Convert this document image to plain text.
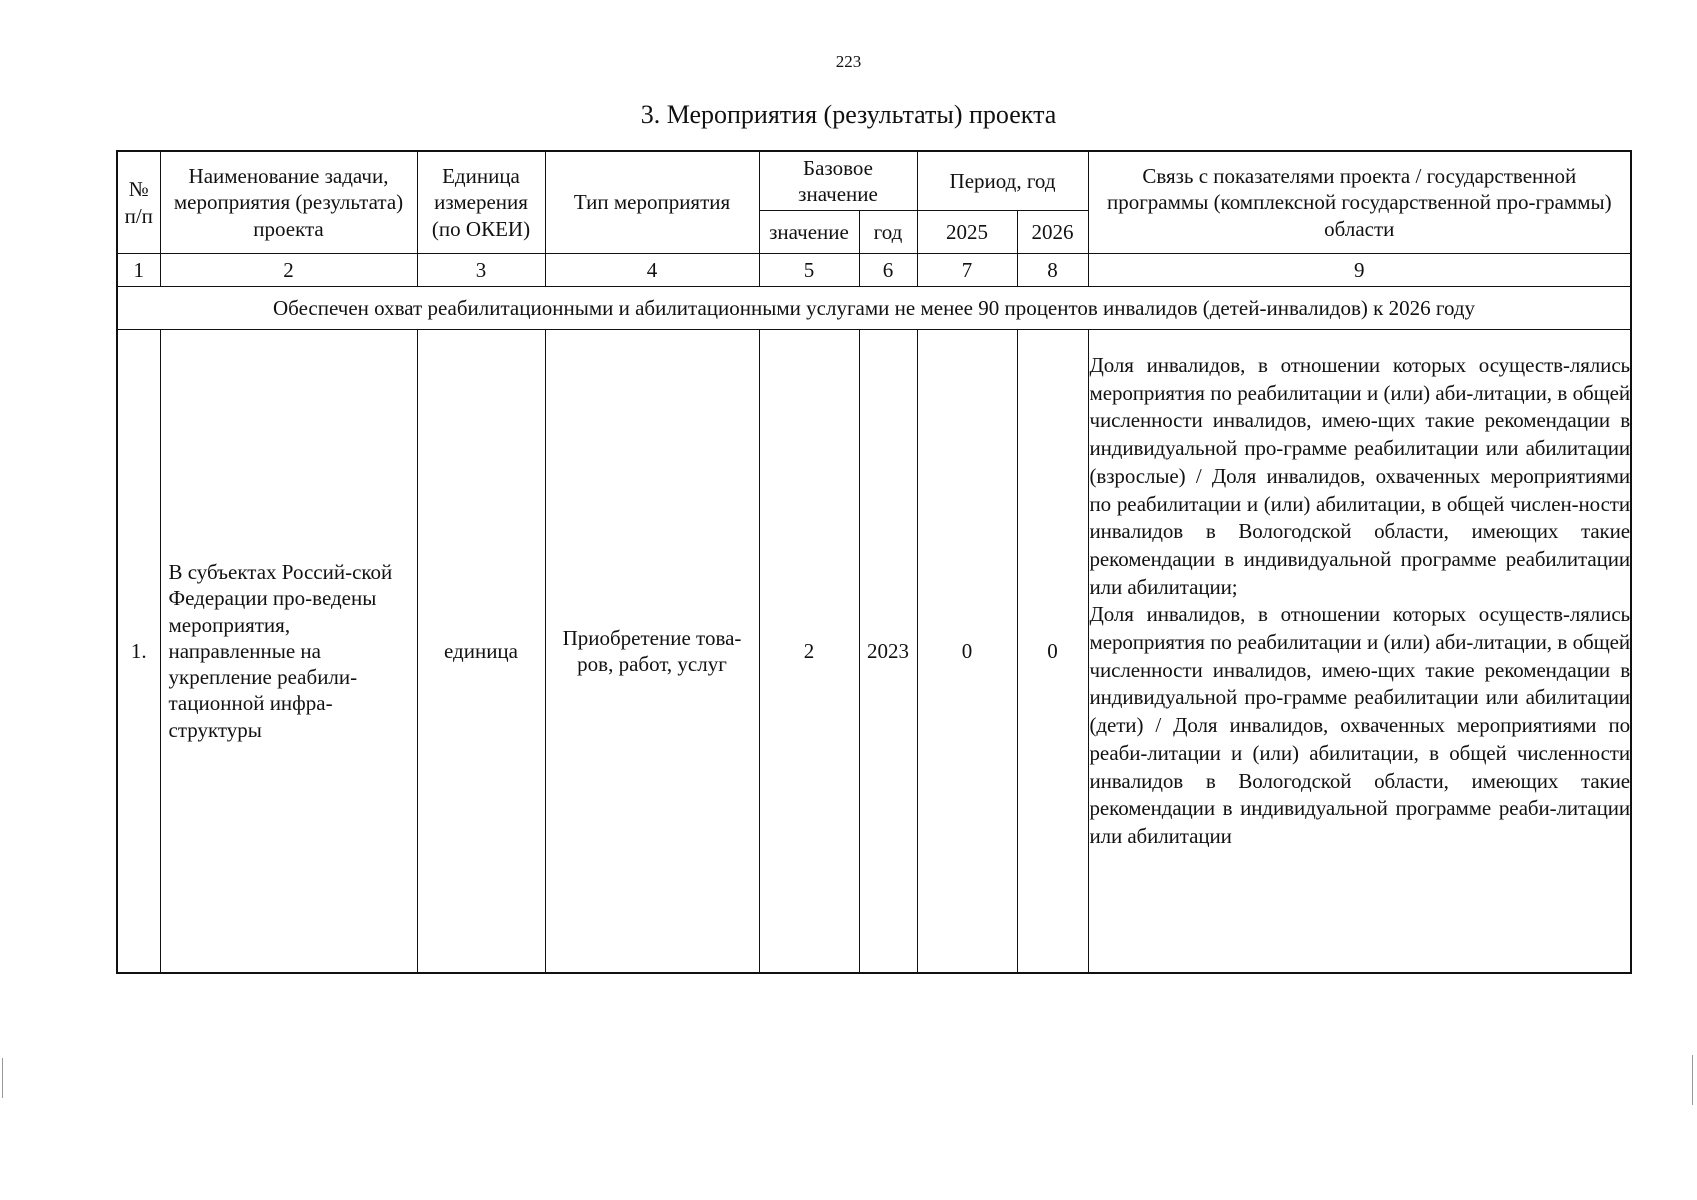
223
3. Мероприятия (результаты) проекта
№ п/п	Наименование задачи, мероприятия (результата) проекта	Единица измерения (по ОКЕИ)	Тип мероприятия	Базовое значение		Период, год		Связь с показателями проекта / государственной программы (комплексной государственной про-граммы) области
				значение	год	2025	2026	
1	2	3	4	5	6	7	8	9
Обеспечен охват реабилитационными и абилитационными услугами не менее 90 процентов инвалидов (детей-инвалидов) к 2026 году								
1.	В субъектах Россий-ской Федерации про-ведены мероприятия, направленные на укрепление реабили-тационной инфра-структуры	единица	Приобретение това-ров, работ, услуг	2	2023	0	0	Доля инвалидов, в отношении которых осуществ-лялись мероприятия по реабилитации и (или) аби-литации, в общей численности инвалидов, имею-щих такие рекомендации в индивидуальной про-грамме реабилитации или абилитации (взрослые) / Доля инвалидов, охваченных мероприятиями по реабилитации и (или) абилитации, в общей числен-ности инвалидов в Вологодской области, имеющих такие рекомендации в индивидуальной программе реабилитации или абилитации;
Доля инвалидов, в отношении которых осуществ-лялись мероприятия по реабилитации и (или) аби-литации, в общей численности инвалидов, имею-щих такие рекомендации в индивидуальной про-грамме реабилитации или абилитации (дети) / Доля инвалидов, охваченных мероприятиями по реаби-литации и (или) абилитации, в общей численности инвалидов в Вологодской области, имеющих такие рекомендации в индивидуальной программе реаби-литации или абилитации
